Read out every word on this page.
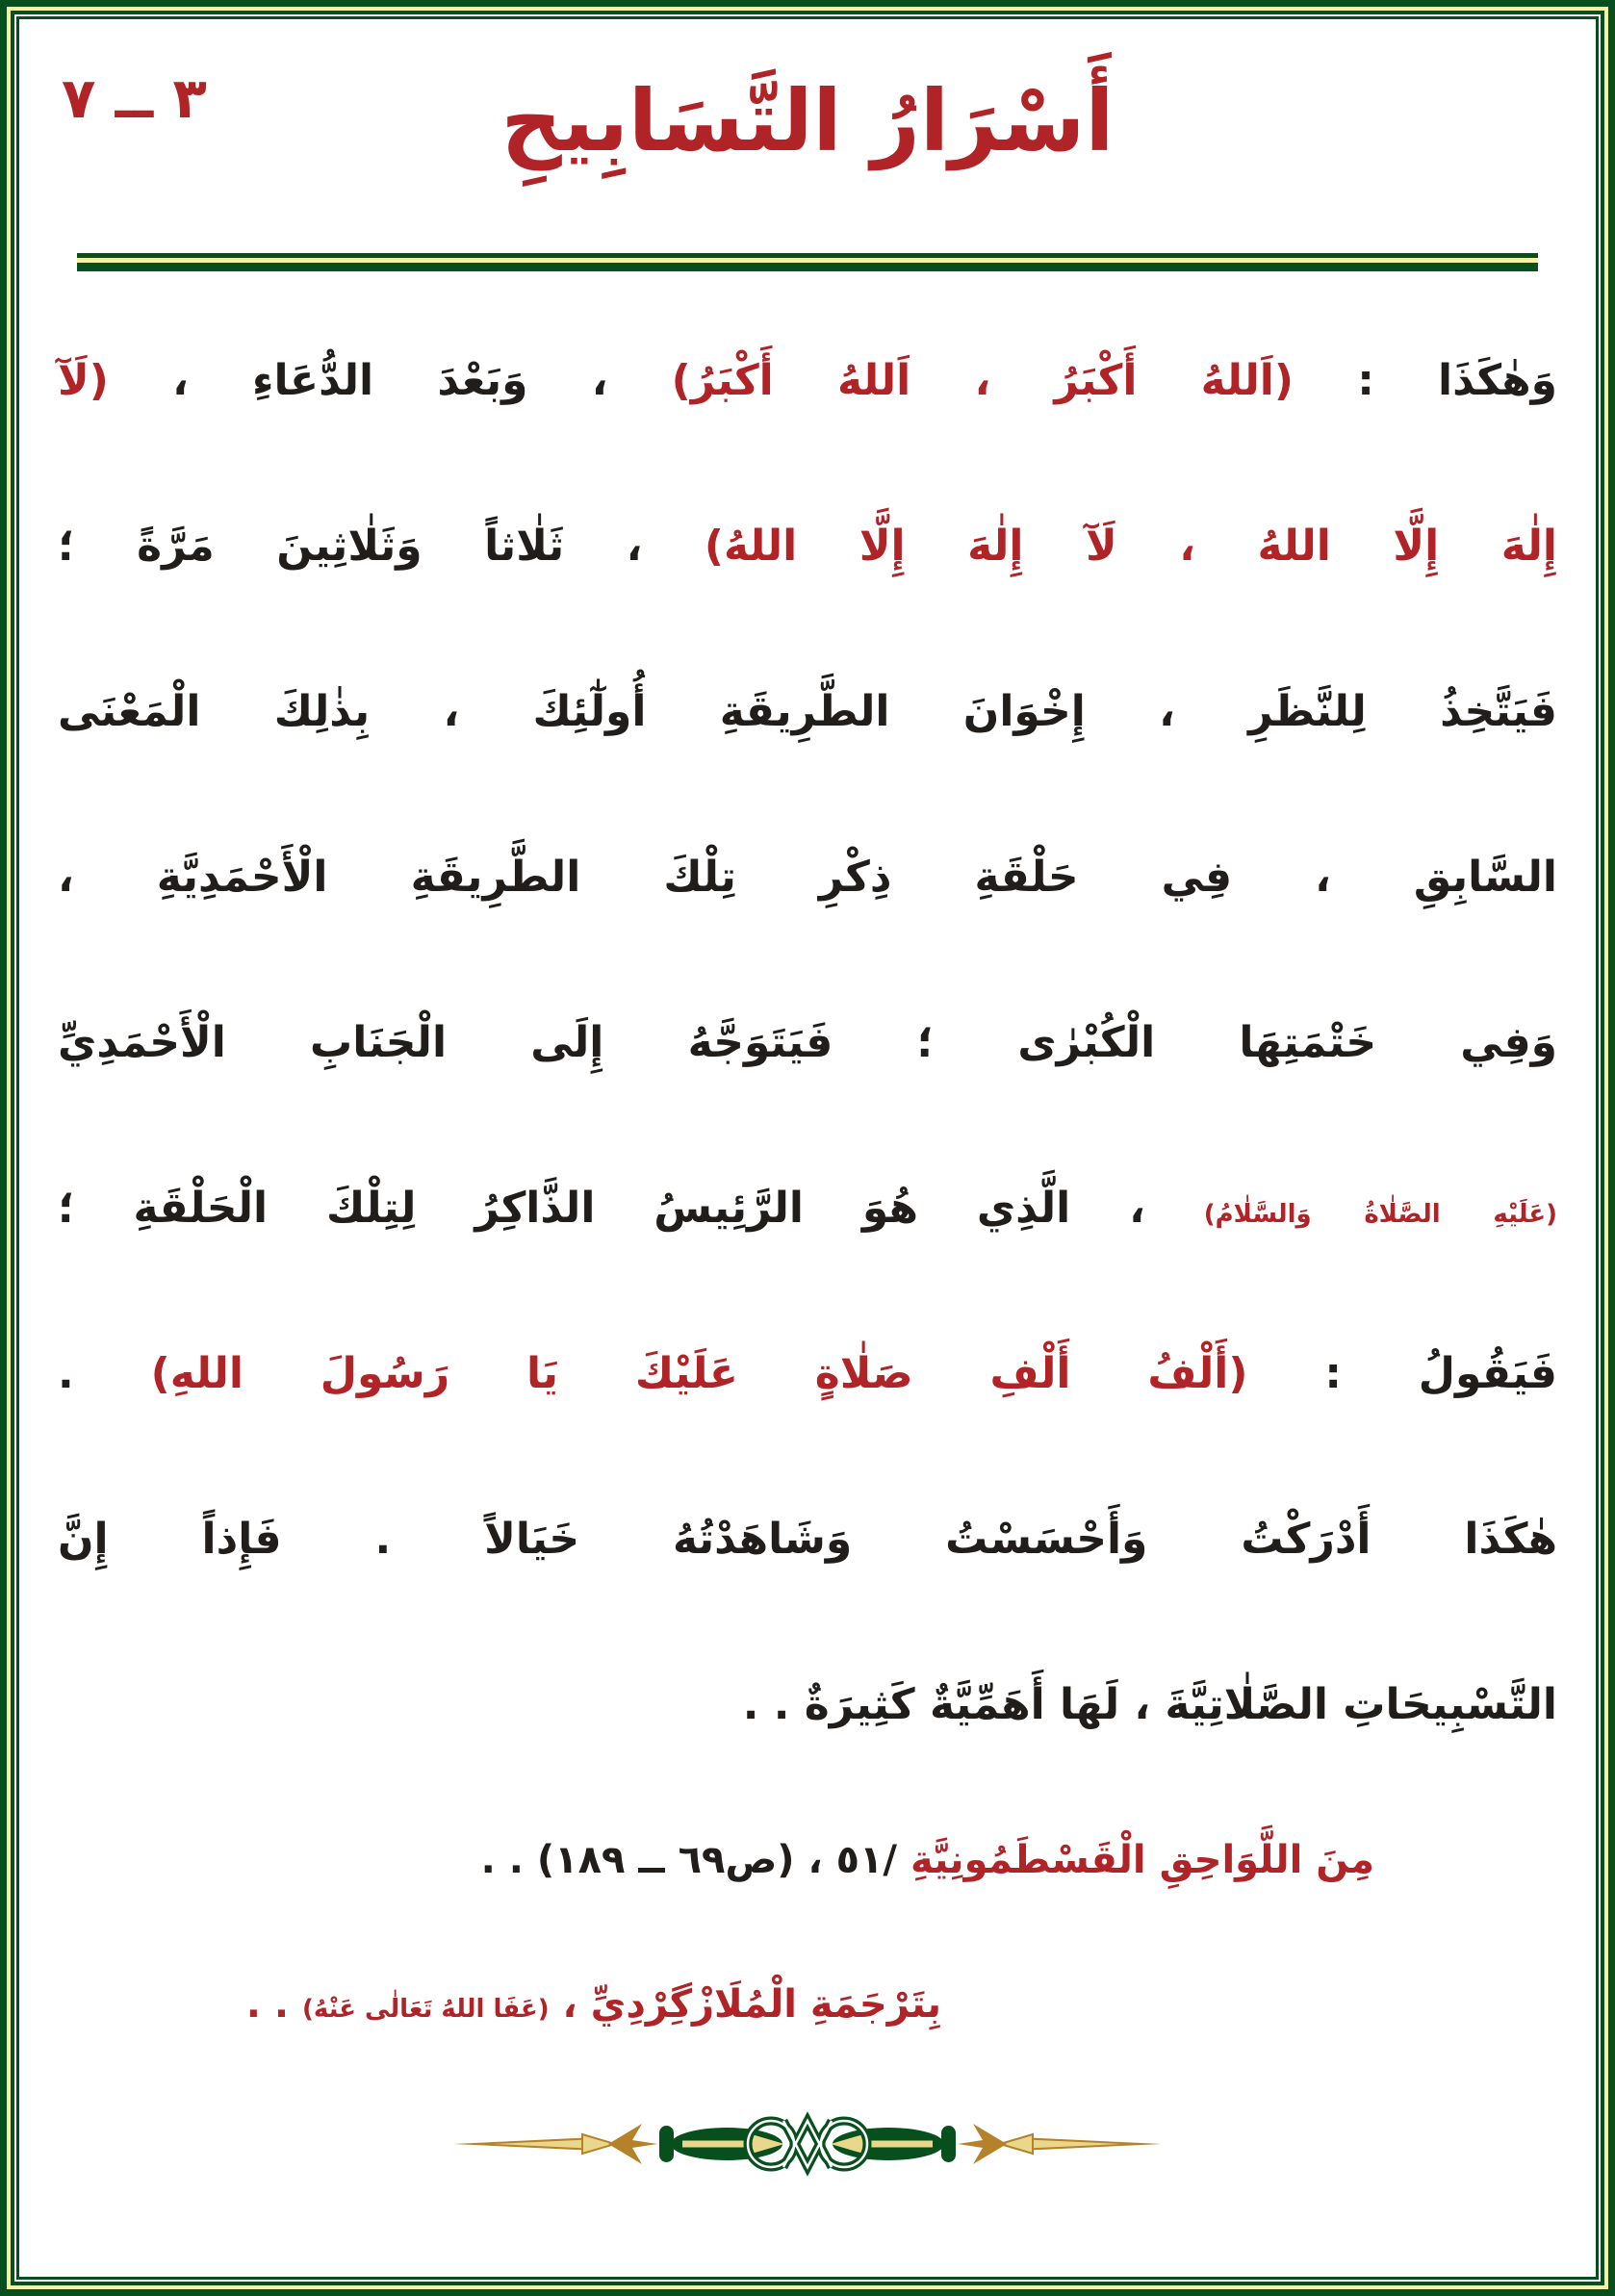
٣ ــ ٧	أَسْرَارُ التَّسَابِيحِ
وَهٰكَذَا : (اَللهُ أَكْبَرُ ، اَللهُ أَكْبَرُ) ، وَبَعْدَ الدُّعَاءِ ، (لَآ
إِلٰهَ إِلَّا اللهُ ، لَآ إِلٰهَ إِلَّا اللهُ) ، ثَلٰاثاً وَثَلٰاثِينَ مَرَّةً ؛
فَيَتَّخِذُ لِلنَّظَرِ ، إِخْوَانَ الطَّرِيقَةِ أُولٰٓئِكَ ، بِذٰلِكَ الْمَعْنَى
السَّابِقِ ، فِي حَلْقَةِ ذِكْرِ تِلْكَ الطَّرِيقَةِ الْأَحْمَدِيَّةِ ،
وَفِي خَتْمَتِهَا الْكُبْرٰى ؛ فَيَتَوَجَّهُ إِلَى الْجَنَابِ الْأَحْمَدِيِّ
(عَلَيْهِ الصَّلٰاةُ وَالسَّلٰامُ) ، الَّذِي هُوَ الرَّئِيسُ الذَّاكِرُ لِتِلْكَ الْحَلْقَةِ ؛
فَيَقُولُ : (أَلْفُ أَلْفِ صَلٰاةٍ عَلَيْكَ يَا رَسُولَ اللهِ) .
هٰكَذَا أَدْرَكْتُ وَأَحْسَسْتُ وَشَاهَدْتُهُ خَيَالاً . فَإِذاً إِنَّ
التَّسْبِيحَاتِ الصَّلٰاتِيَّةَ ، لَهَا أَهَمِّيَّةٌ كَثِيرَةٌ . .
مِنَ اللَّوَاحِقِ الْقَسْطَمُونِيَّةِ /٥١ ، (ص٦٩ ــ ١٨٩) . .
بِتَرْجَمَةِ الْمُلَازْگِرْدِيِّ ، (عَفَا اللهُ تَعَالٰى عَنْهُ) . .
